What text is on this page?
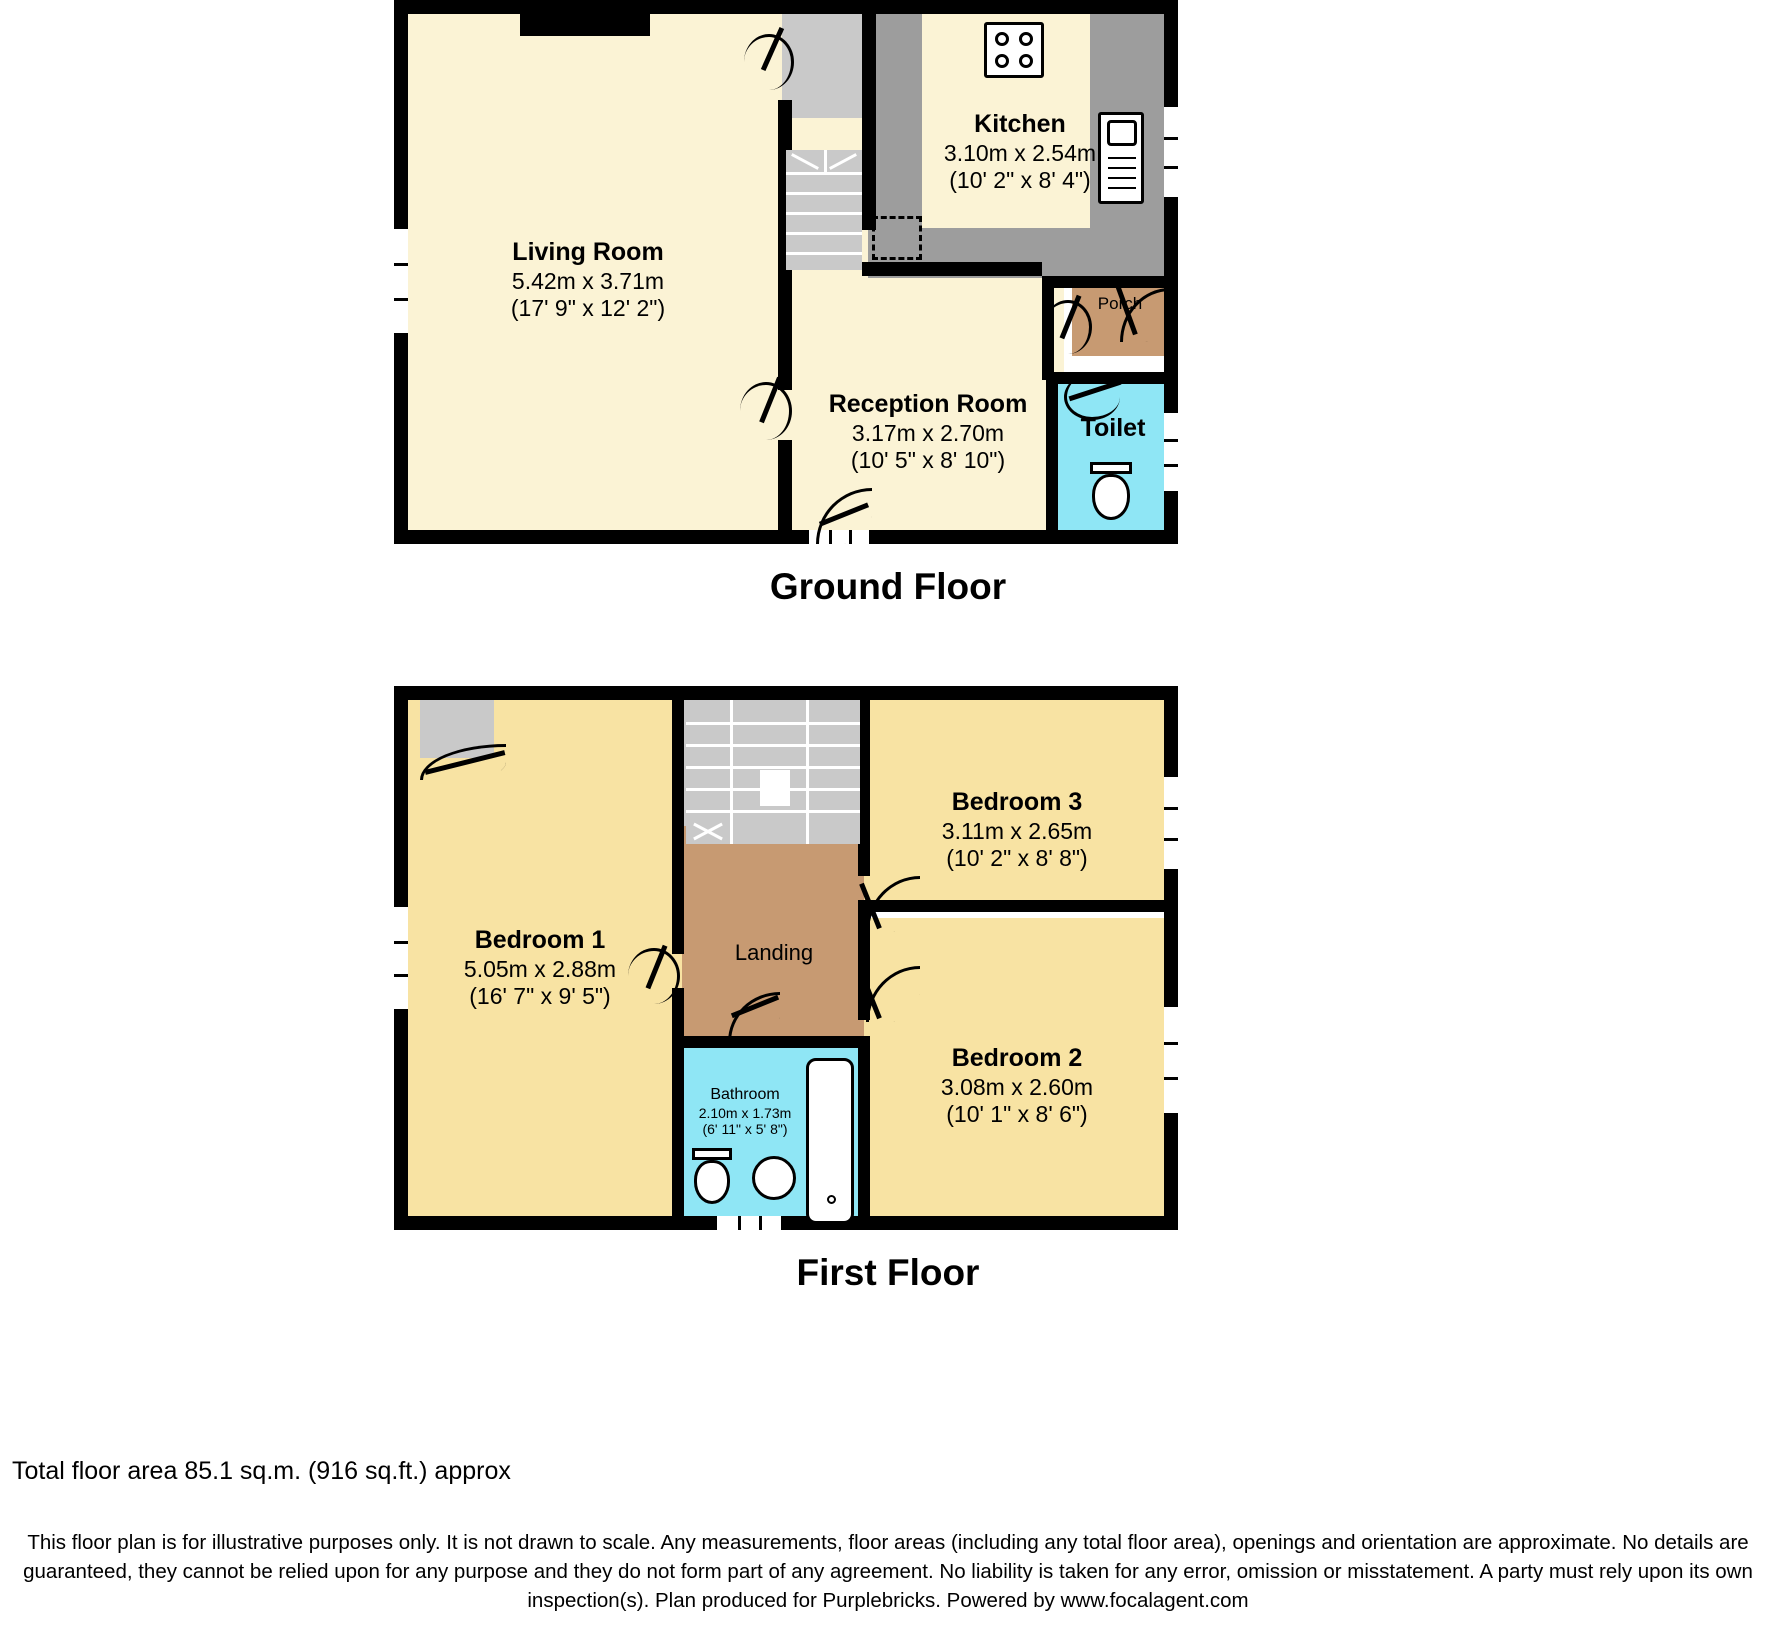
Living Room
5.42m x 3.71m
(17' 9" x 12' 2")
Kitchen
3.10m x 2.54m
(10' 2" x 8' 4")
Reception Room
3.17m x 2.70m
(10' 5" x 8' 10")
Porch
Toilet
Ground Floor
Bedroom 1
5.05m x 2.88m
(16' 7" x 9' 5")
Bedroom 3
3.11m x 2.65m
(10' 2" x 8' 8")
Bedroom 2
3.08m x 2.60m
(10' 1" x 8' 6")
Landing
Bathroom
2.10m x 1.73m
(6' 11" x 5' 8")
First Floor
Total floor area 85.1 sq.m. (916 sq.ft.) approx
This floor plan is for illustrative purposes only. It is not drawn to scale. Any measurements, floor areas (including any total floor area), openings and orientation are approximate. No details are guaranteed, they cannot be relied upon for any purpose and they do not form part of any agreement. No liability is taken for any error, omission or misstatement. A party must rely upon its own inspection(s). Plan produced for Purplebricks. Powered by www.focalagent.com
